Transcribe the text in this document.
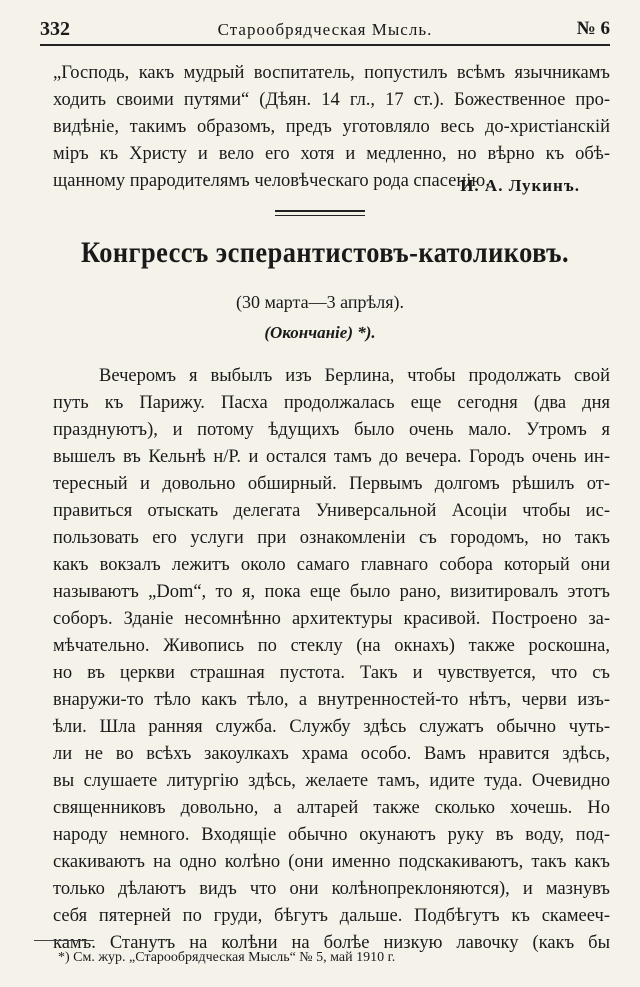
332	Старообрядческая Мысль.	№ 6
„Господь, какъ мудрый воспитатель, попустилъ всѣмъ язычникамъ
ходить своими путями“ (Дѣян. 14 гл., 17 ст.). Божественное про-
видѣніе, такимъ образомъ, предъ уготовляло весь до-христіанскій
міръ къ Христу и вело его хотя и медленно, но вѣрно къ обѣ-
щанному прародителямъ человѣческаго рода спасенію.
И. А. Лукинъ.
Конгрессъ эсперантистовъ-католиковъ.
(30 марта—3 апрѣля).
(Окончаніе) *).
Вечеромъ я выбылъ изъ Берлина, чтобы продолжать свой
путь къ Парижу. Пасха продолжалась еще сегодня (два дня
празднуютъ), и потому ѣдущихъ было очень мало. Утромъ я
вышелъ въ Кельнѣ н/Р. и остался тамъ до вечера. Городъ очень ин-
тересный и довольно обширный. Первымъ долгомъ рѣшилъ от-
правиться отыскать делегата Универсальной Асоціи чтобы ис-
пользовать его услуги при ознакомленіи съ городомъ, но такъ
какъ вокзалъ лежитъ около самаго главнаго собора который они
называютъ „Dom“, то я, пока еще было рано, визитировалъ этотъ
соборъ. Зданіе несомнѣнно архитектуры красивой. Построено за-
мѣчательно. Живопись по стеклу (на окнахъ) также роскошна,
но въ церкви страшная пустота. Такъ и чувствуется, что съ
внаружи-то тѣло какъ тѣло, а внутренностей-то нѣтъ, черви изъ-
ѣли. Шла ранняя служба. Службу здѣсь служатъ обычно чуть-
ли не во всѣхъ закоулкахъ храма особо. Вамъ нравится здѣсь,
вы слушаете литургію здѣсь, желаете тамъ, идите туда. Очевидно
священниковъ довольно, а алтарей также сколько хочешь. Но
народу немного. Входящіе обычно окунаютъ руку въ воду, под-
скакиваютъ на одно колѣно (они именно подскакиваютъ, такъ какъ
только дѣлаютъ видъ что они колѣнопреклоняются), и мазнувъ
себя пятерней по груди, бѣгутъ дальше. Подбѣгутъ къ скамееч-
камъ. Станутъ на колѣни на болѣе низкую лавочку (какъ бы
*) См. жур. „Старообрядческая Мысль“ № 5, май 1910 г.
